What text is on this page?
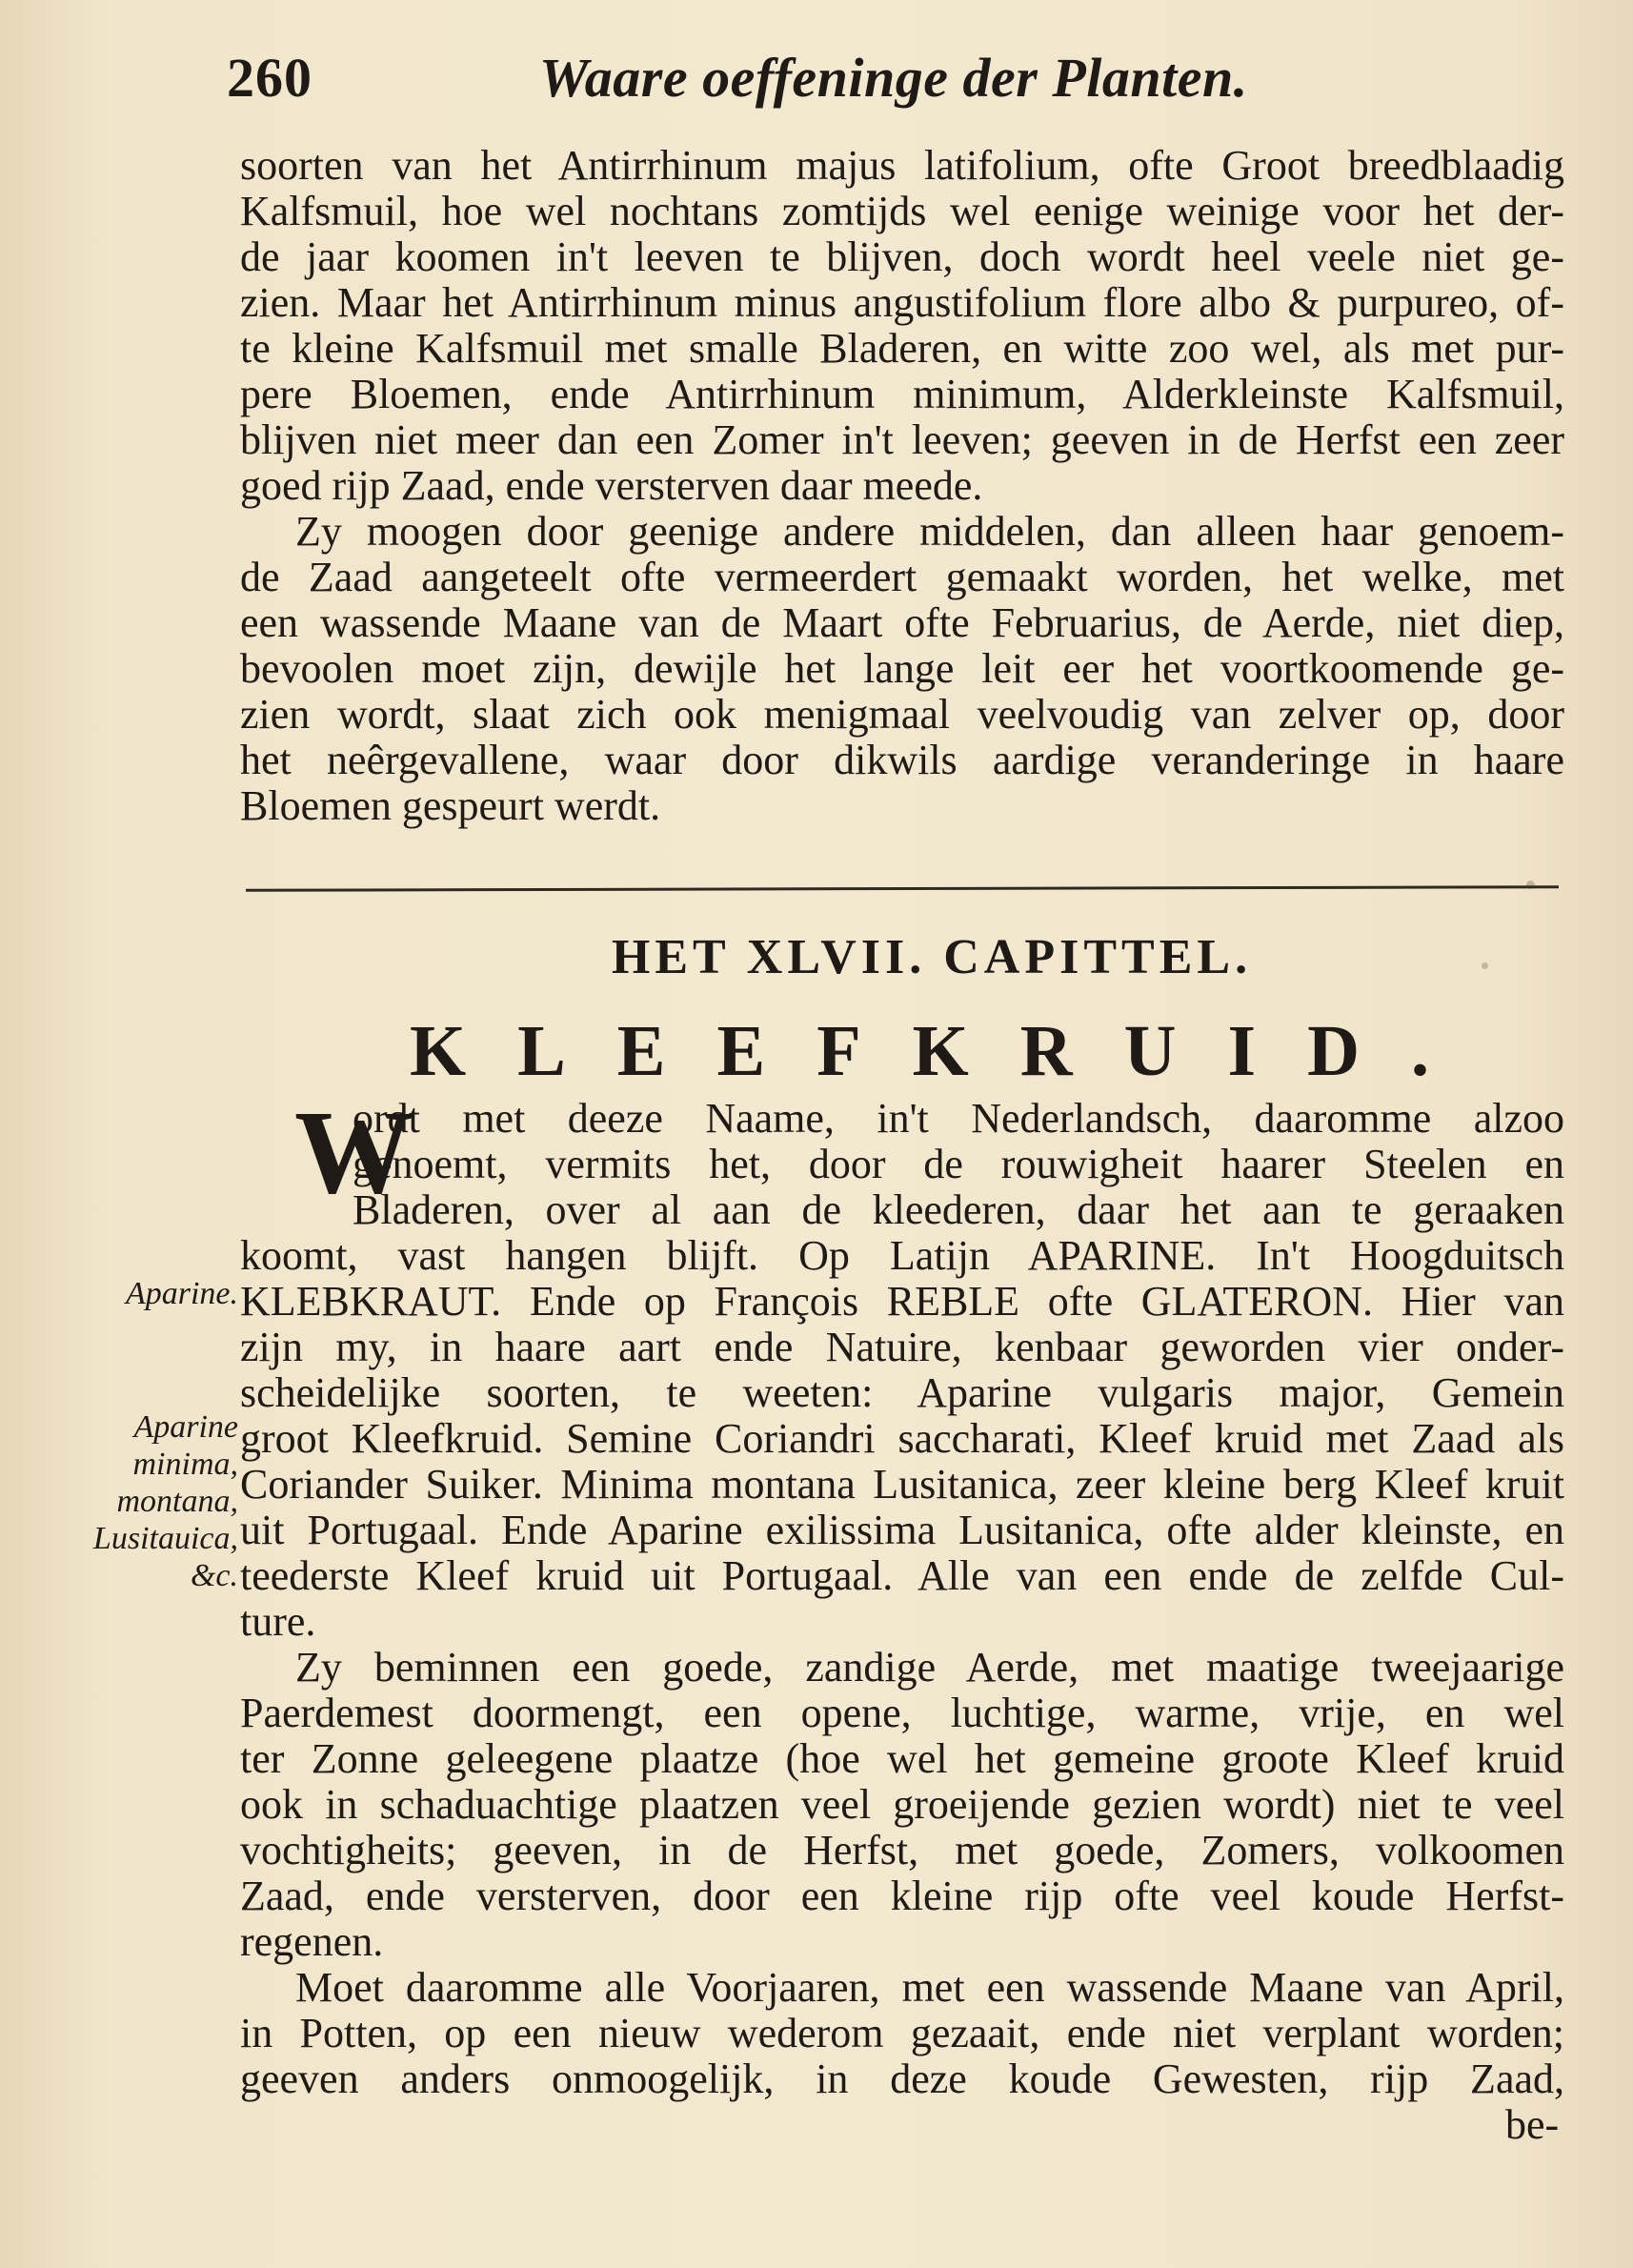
260	Waare oeffeninge der Planten.
soorten van het Antirrhinum majus latifolium, ofte Groot breedblaadig
Kalfsmuil, hoe wel nochtans zomtijds wel eenige weinige voor het der-
de jaar koomen in't leeven te blijven, doch wordt heel veele niet ge-
zien. Maar het Antirrhinum minus angustifolium flore albo & purpureo, of-
te kleine Kalfsmuil met smalle Bladeren, en witte zoo wel, als met pur-
pere Bloemen, ende Antirrhinum minimum, Alderkleinste Kalfsmuil,
blijven niet meer dan een Zomer in't leeven; geeven in de Herfst een zeer
goed rijp Zaad, ende versterven daar meede.
Zy moogen door geenige andere middelen, dan alleen haar genoem-
de Zaad aangeteelt ofte vermeerdert gemaakt worden, het welke, met
een wassende Maane van de Maart ofte Februarius, de Aerde, niet diep,
bevoolen moet zijn, dewijle het lange leit eer het voortkoomende ge-
zien wordt, slaat zich ook menigmaal veelvoudig van zelver op, door
het neêrgevallene, waar door dikwils aardige veranderinge in haare
Bloemen gespeurt werdt.
HET XLVII. CAPITTEL.
KLEEFKRUID.
W
ordt met deeze Naame, in't Nederlandsch, daaromme alzoo
genoemt, vermits het, door de rouwigheit haarer Steelen en
Bladeren, over al aan de kleederen, daar het aan te geraaken
koomt, vast hangen blijft. Op Latijn APARINE. In't Hoogduitsch
KLEBKRAUT. Ende op François REBLE ofte GLATERON. Hier van
zijn my, in haare aart ende Natuire, kenbaar geworden vier onder-
scheidelijke soorten, te weeten: Aparine vulgaris major, Gemein
groot Kleefkruid. Semine Coriandri saccharati, Kleef kruid met Zaad als
Coriander Suiker. Minima montana Lusitanica, zeer kleine berg Kleef kruit
uit Portugaal. Ende Aparine exilissima Lusitanica, ofte alder kleinste, en
teederste Kleef kruid uit Portugaal. Alle van een ende de zelfde Cul-
ture.
Zy beminnen een goede, zandige Aerde, met maatige tweejaarige
Paerdemest doormengt, een opene, luchtige, warme, vrije, en wel
ter Zonne geleegene plaatze (hoe wel het gemeine groote Kleef kruid
ook in schaduachtige plaatzen veel groeijende gezien wordt) niet te veel
vochtigheits; geeven, in de Herfst, met goede, Zomers, volkoomen
Zaad, ende versterven, door een kleine rijp ofte veel koude Herfst-
regenen.
Moet daaromme alle Voorjaaren, met een wassende Maane van April,
in Potten, op een nieuw wederom gezaait, ende niet verplant worden;
geeven anders onmoogelijk, in deze koude Gewesten, rijp Zaad,
be-
Aparine.
Aparine
minima,
montana,
Lusitauica,
&c.
